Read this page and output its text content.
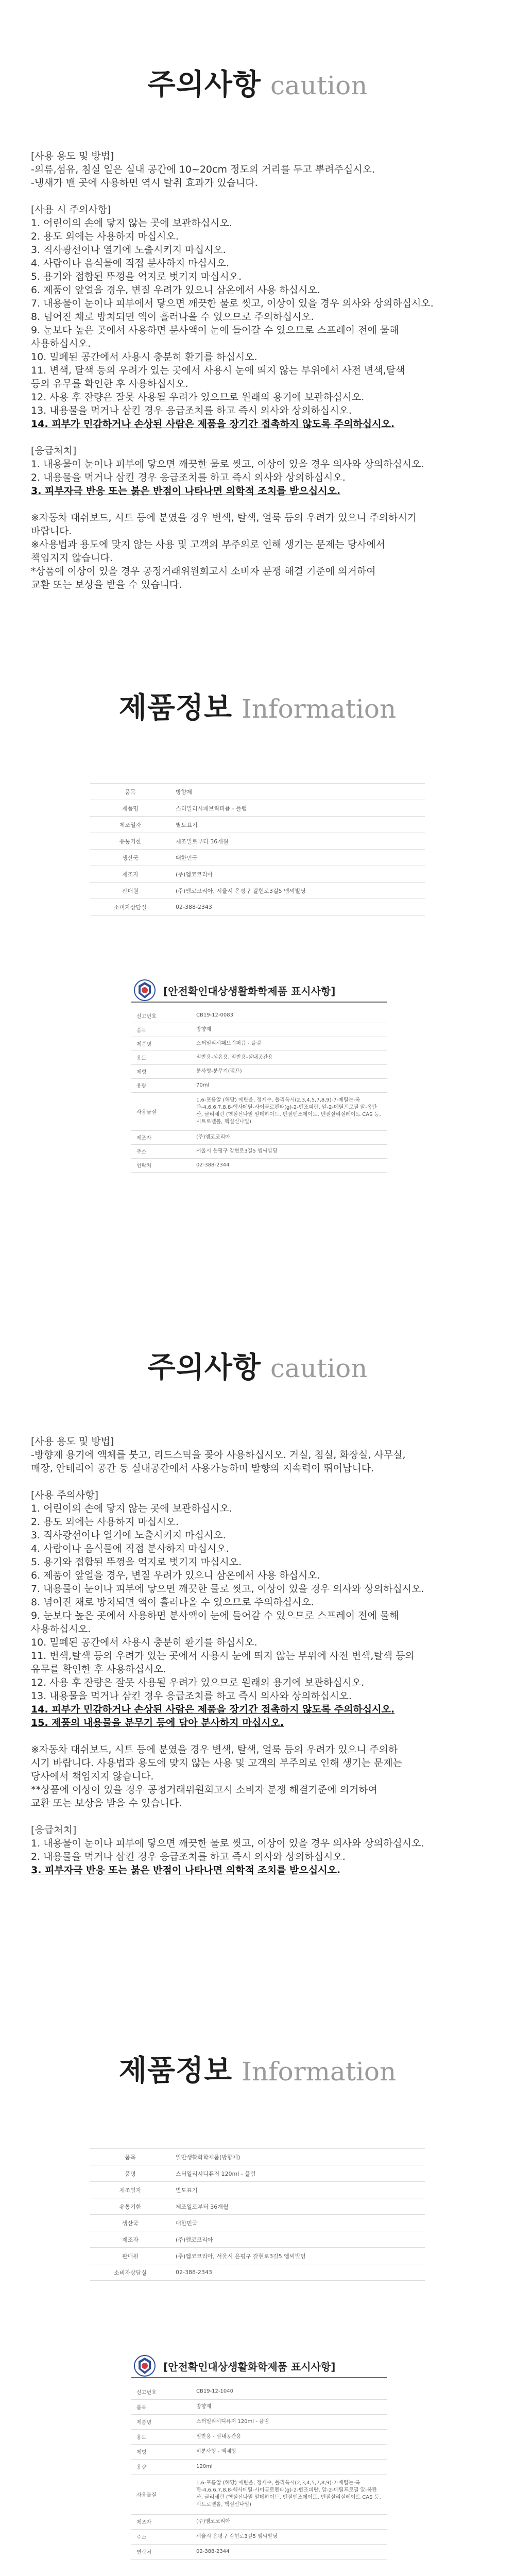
주의사항 caution
[사용 용도 및 방법]
-의류,섬유, 침실 일은 실내 공간에 10~20cm 정도의 거리를 두고 뿌려주십시오.
-냉새가 밴 곳에 사용하면 역시 탈취 효과가 있습니다.
[사용 시 주의사항]
1. 어린이의 손에 닿지 않는 곳에 보관하십시오.
2. 용도 외에는 사용하지 마십시오.
3. 직사광선이나 열기에 노출시키지 마십시오.
4. 사람이나 음식물에 직접 분사하지 마십시오.
5. 용기와 접합된 뚜껑을 억지로 벗기지 마십시오.
6. 제품이 앞얼을 경우, 변질 우려가 있으니 삼온에서 사용 하십시오.
7. 내용물이 눈이나 피부에서 닿으면 깨끗한 물로 씻고, 이상이 있을 경우 의사와 상의하십시오.
8. 넘어진 채로 방치되면 액이 흘러나올 수 있으므로 주의하십시오.
9. 눈보다 높은 곳에서 사용하면 분사액이 눈에 들어갈 수 있으므로 스프레이 전에 물해
사용하십시오.
10. 밀폐된 공간에서 사용시 충분히 환기를 하십시오.
11. 변색, 탈색 등의 우려가 있는 곳에서 사용시 눈에 띄지 않는 부위에서 사전 변색,탈색
등의 유무를 확인한 후 사용하십시오.
12. 사용 후 잔량은 잘못 사용될 우려가 있으므로 원래의 용기에 보관하십시오.
13. 내용물을 먹거나 삼킨 경우 응급조치를 하고 즉시 의사와 상의하십시오.
14. 피부가 민감하거나 손상된 사람은 제품을 장기간 접촉하지 않도록 주의하십시오.
[응급처치]
1. 내용물이 눈이나 피부에 닿으면 깨끗한 물로 씻고, 이상이 있을 경우 의사와 상의하십시오.
2. 내용물을 먹거나 삼킨 경우 응급조치를 하고 즉시 의사와 상의하십시오.
3. 피부자극 반응 또는 붉은 반점이 나타나면 의학적 조치를 받으십시오.
※자동차 대쉬보드, 시트 등에 분였을 경우 변색, 탈색, 얼룩 등의 우려가 있으니 주의하시기
바랍니다.
※사용법과 용도에 맞지 않는 사용 및 고객의 부주의로 인해 생기는 문제는 당사에서
책임지지 않습니다.
*상품에 이상이 있을 경우 공정거래위원회고시 소비자 분쟁 해결 기준에 의거하여
교환 또는 보상을 받을 수 있습니다.
제품정보 Information
품목	방향제
제품명	스터일리시패브릭퍼퓸 - 플럼
제조일자	별도표기
유통기한	제조일로부터 36개월
생산국	대한민국
제조자	(주)엠코코리아
판매원	(주)엠코코리아, 서울시 은평구 갈현로3길5 엠씨빌딩
소비자상담실	02-388-2343
[안전확인대상생활화학제품 표시사항]
신고번호	CB19-12-0083
품목	방향제
제품명	스터일리시패브릭퍼퓸 - 플럼
용도	일반용-섬유용, 일반용-실내공간용
제형	분사형-분무기(펌프)
용량	70ml
사용물질	1,6-포름알 (해당) 에탄올, 정제수, 폴리옥시(2,3,4,5,7,8,9)-7-메틸논-옥탄-4,6,6,7,8,8-헥사메틸-사이클로펜타(g)-2-벤조피란, 알-2-메틸프로필 알-옥탄산, 글리세린 (헥실신나밀 알데하이드, 벤질벤조에이트, 벤질살리실레이트 CAS 등, 시트로넬롤, 헥실신나밀)
제조자	(주)엠코코리아
주소	서울시 은평구 갈현로3길5 엠씨빌딩
연락처	02-388-2344
주의사항 caution
[사용 용도 및 방법]
-방향제 용기에 액체를 붓고, 리드스틱을 꽂아 사용하십시오. 거실, 침실, 화장실, 사무실,
매장, 안테리어 공간 등 실내공간에서 사용가능하며 발향의 지속력이 뛰어납니다.
[사용 주의사항]
1. 어린이의 손에 닿지 않는 곳에 보관하십시오.
2. 용도 외에는 사용하지 마십시오.
3. 직사광선이나 열기에 노출시키지 마십시오.
4. 사람이나 음식물에 직접 분사하지 마십시오.
5. 용기와 접합된 뚜껑을 억지로 벗기지 마십시오.
6. 제품이 앞얼을 경우, 변질 우려가 있으니 삼온에서 사용 하십시오.
7. 내용물이 눈이나 피부에 닿으면 깨끗한 물로 씻고, 이상이 있을 경우 의사와 상의하십시오.
8. 넘어진 채로 방치되면 액이 흘러나올 수 있으므로 주의하십시오.
9. 눈보다 높은 곳에서 사용하면 분사액이 눈에 들어갈 수 있으므로 스프레이 전에 물해
사용하십시오.
10. 밀폐된 공간에서 사용시 충분히 환기를 하십시오.
11. 변색,탈색 등의 우려가 있는 곳에서 사용시 눈에 띄지 않는 부위에 사전 변색,탈색 등의
유무를 확인한 후 사용하십시오.
12. 사용 후 잔량은 잘못 사용될 우려가 있으므로 원래의 용기에 보관하십시오.
13. 내용물을 먹거나 삼킨 경우 응급조치를 하고 즉시 의사와 상의하십시오.
14. 피부가 민감하거나 손상된 사람은 제품을 장기간 접촉하지 않도록 주의하십시오.
15. 제품의 내용물을 분무기 등에 담아 분사하지 마십시오.
※자동차 대쉬보드, 시트 등에 분였을 경우 변색, 탈색, 얼룩 등의 우려가 있으니 주의하
시기 바랍니다. 사용법과 용도에 맞지 않는 사용 및 고객의 부주의로 인해 생기는 문제는
당사에서 책임지지 않습니다.
**상품에 이상이 있을 경우 공정거래위원회고시 소비자 분쟁 해결기준에 의거하여
교환 또는 보상을 받을 수 있습니다.
[응급처치]
1. 내용물이 눈이나 피부에 닿으면 깨끗한 물로 씻고, 이상이 있을 경우 의사와 상의하십시오.
2. 내용물을 먹거나 삼킨 경우 응급조치를 하고 즉시 의사와 상의하십시오.
3. 피부자극 반응 또는 붉은 반점이 나타나면 의학적 조치를 받으십시오.
제품정보 Information
품목	일반생활화학제품(방향제)
품명	스터일리시디퓨저 120ml - 플럼
제조일자	별도표기
유통기한	제조일로부터 36개월
생산국	대한민국
제조자	(주)엠코코리아
판매원	(주)엠코코리아, 서울시 은평구 갈현로3길5 엠씨빌딩
소비자상담실	02-388-2343
[안전확인대상생활화학제품 표시사항]
신고번호	CB19-12-1040
품목	방향제
제품명	스터일리시디퓨저 120ml - 플럼
용도	일반용 - 실내공간용
제형	비분사형 - 액체형
용량	120ml
사용물질	1,6-포름알 (해당) 에탄올, 정제수, 폴리옥시(2,3,4,5,7,8,9)-7-메틸논-옥탄-4,6,6,7,8,8-헥사메틸-사이클로펜타(g)-2-벤조피란, 알-2-메틸프로필 알-옥탄산, 글리세린 (헥실신나밀 알데하이드, 벤질벤조에이트, 벤질살리실레이트 CAS 등, 시트로넬롤, 헥실신나밀)
제조자	(주)엠코코리아
주소	서울시 은평구 갈현로3길5 엠씨빌딩
연락처	02-388-2344
